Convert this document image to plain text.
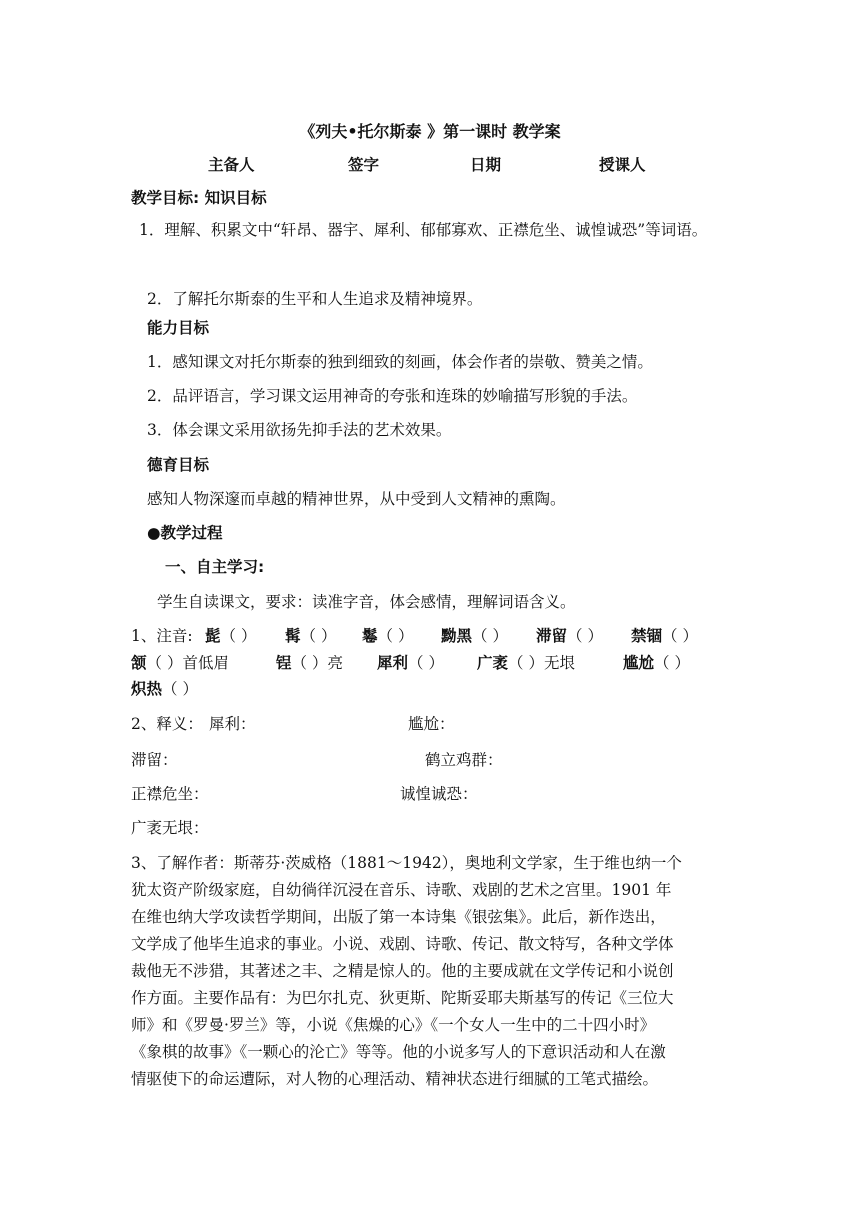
《列夫•托尔斯泰 》第一课时 教学案
主备人	签字	日期	授课人
教学目标: 知识目标
1．理解、积累文中“轩昂、器宇、犀利、郁郁寡欢、正襟危坐、诚惶诚恐”等词语。
2．了解托尔斯泰的生平和人生追求及精神境界。
能力目标
1．感知课文对托尔斯泰的独到细致的刻画，体会作者的崇敬、赞美之情。
2．品评语言，学习课文运用神奇的夸张和连珠的妙喻描写形貌的手法。
3．体会课文采用欲扬先抑手法的艺术效果。
德育目标
感知人物深邃而卓越的精神世界，从中受到人文精神的熏陶。
●教学过程
一、自主学习:
学生自读课文，要求：读准字音，体会感情，理解词语含义。
1、注音: 髭（ ） 髯（ ） 鬈（ ） 黝黑（ ） 滞留（ ） 禁锢（ ）
颔（ ）首低眉	锃（ ）亮 犀利（ ） 广袤（ ）无垠	尴尬（ ）
炽热（ ）
2、释义： 犀利：	尴尬：
滞留：	鹤立鸡群：
正襟危坐：	诚惶诚恐：
广袤无垠：
3、了解作者：斯蒂芬·茨威格（1881～1942），奥地利文学家，生于维也纳一个
犹太资产阶级家庭，自幼徜徉沉浸在音乐、诗歌、戏剧的艺术之宫里。1901 年
在维也纳大学攻读哲学期间，出版了第一本诗集《银弦集》。此后，新作迭出，
文学成了他毕生追求的事业。小说、戏剧、诗歌、传记、散文特写，各种文学体
裁他无不涉猎，其著述之丰、之精是惊人的。他的主要成就在文学传记和小说创
作方面。主要作品有：为巴尔扎克、狄更斯、陀斯妥耶夫斯基写的传记《三位大
师》和《罗曼·罗兰》等，小说《焦燥的心》《一个女人一生中的二十四小时》
《象棋的故事》《一颗心的沦亡》等等。他的小说多写人的下意识活动和人在激
情驱使下的命运遭际，对人物的心理活动、精神状态进行细腻的工笔式描绘。
